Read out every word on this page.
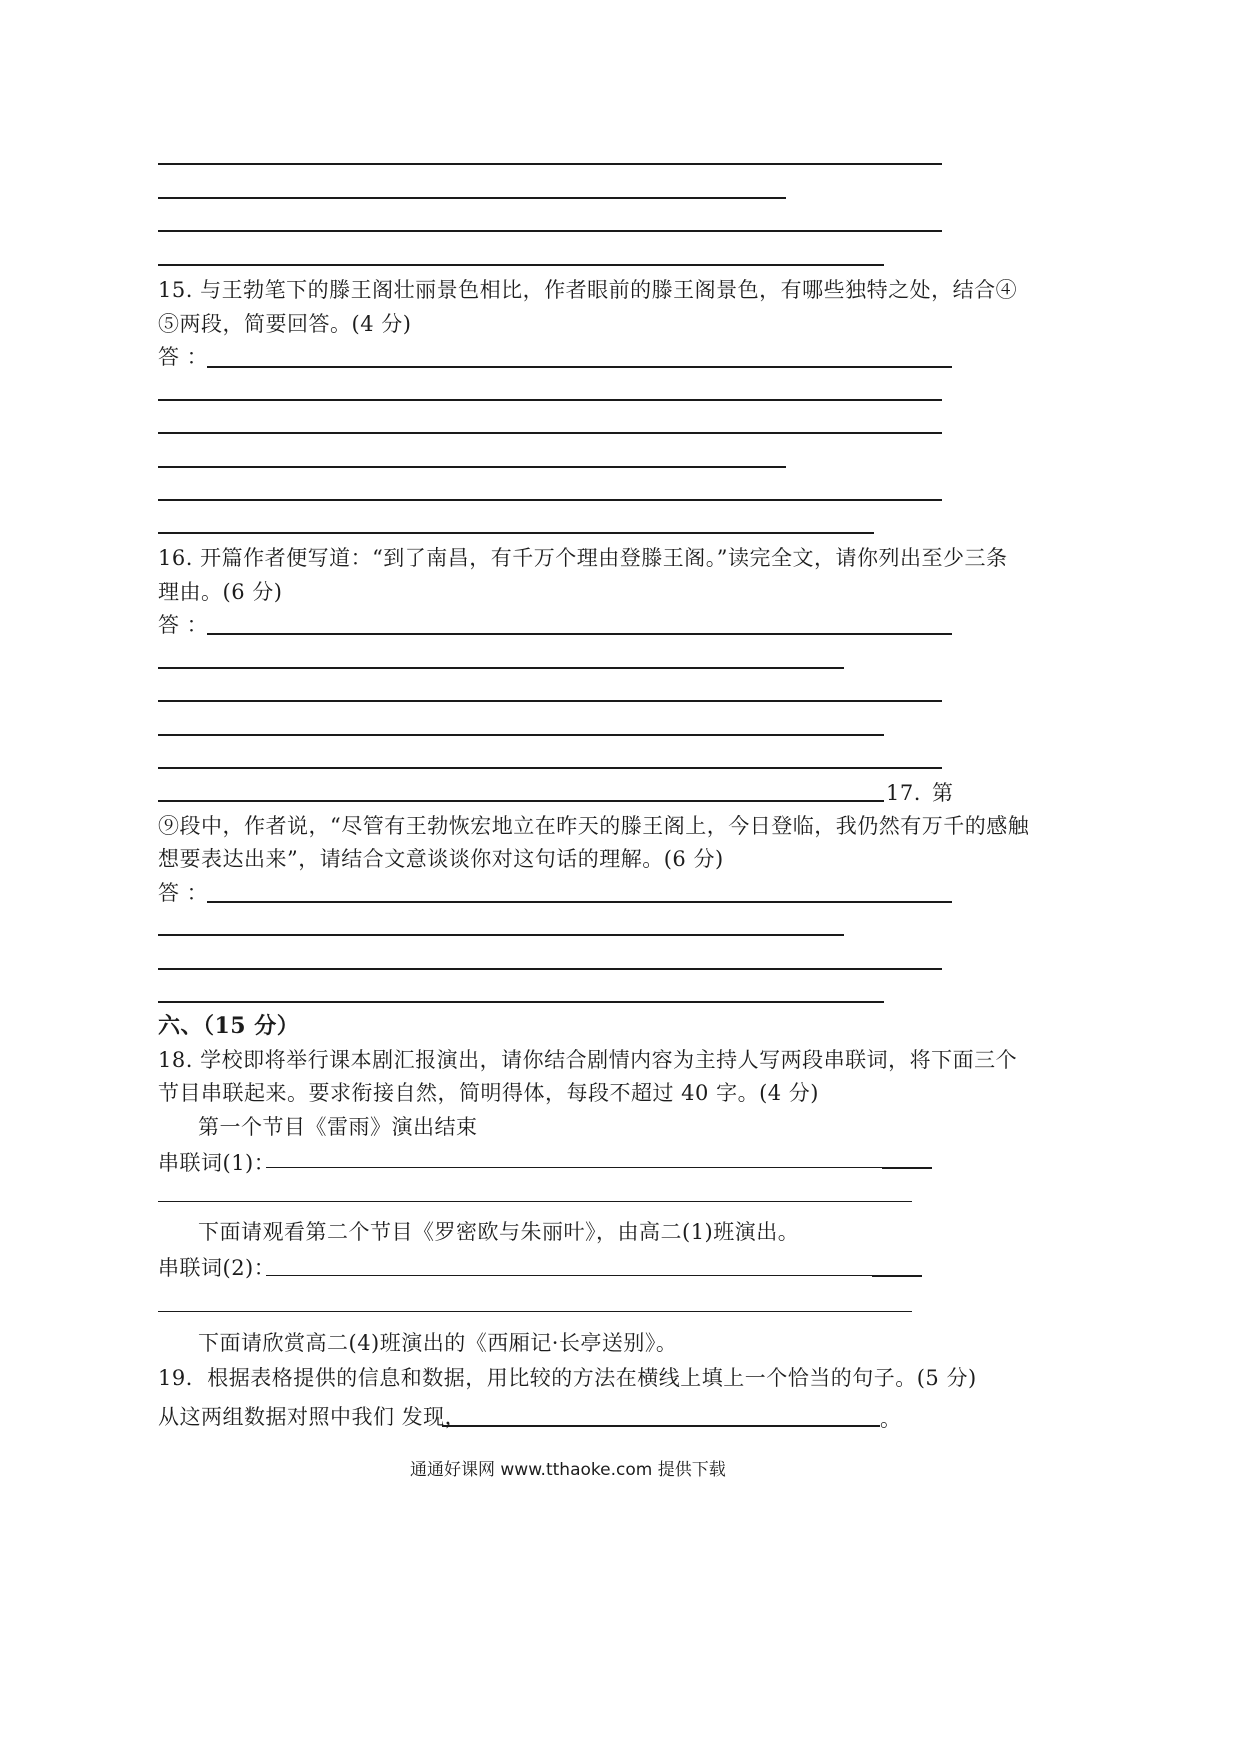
15. 与王勃笔下的滕王阁壮丽景色相比，作者眼前的滕王阁景色，有哪些独特之处，结合④
⑤两段，简要回答。(4 分)
答 ：
16. 开篇作者便写道：“到了南昌，有千万个理由登滕王阁。”读完全文，请你列出至少三条
理由。(6 分)
答 ：
17. 第
⑨段中，作者说，“尽管有王勃恢宏地立在昨天的滕王阁上，今日登临，我仍然有万千的感触
想要表达出来”，请结合文意谈谈你对这句话的理解。(6 分)
答 ：
六、（15 分）
18. 学校即将举行课本剧汇报演出，请你结合剧情内容为主持人写两段串联词，将下面三个
节目串联起来。要求衔接自然，简明得体，每段不超过 40 字。(4 分)
第一个节目《雷雨》演出结束
串联词(1)：
下面请观看第二个节目《罗密欧与朱丽叶》，由高二(1)班演出。
串联词(2)：
下面请欣赏高二(4)班演出的《西厢记·长亭送别》。
19．根据表格提供的信息和数据，用比较的方法在横线上填上一个恰当的句子。(5 分)
从这两组数据对照中我们 发现，	。
通通好课网 www.tthaoke.com 提供下载
